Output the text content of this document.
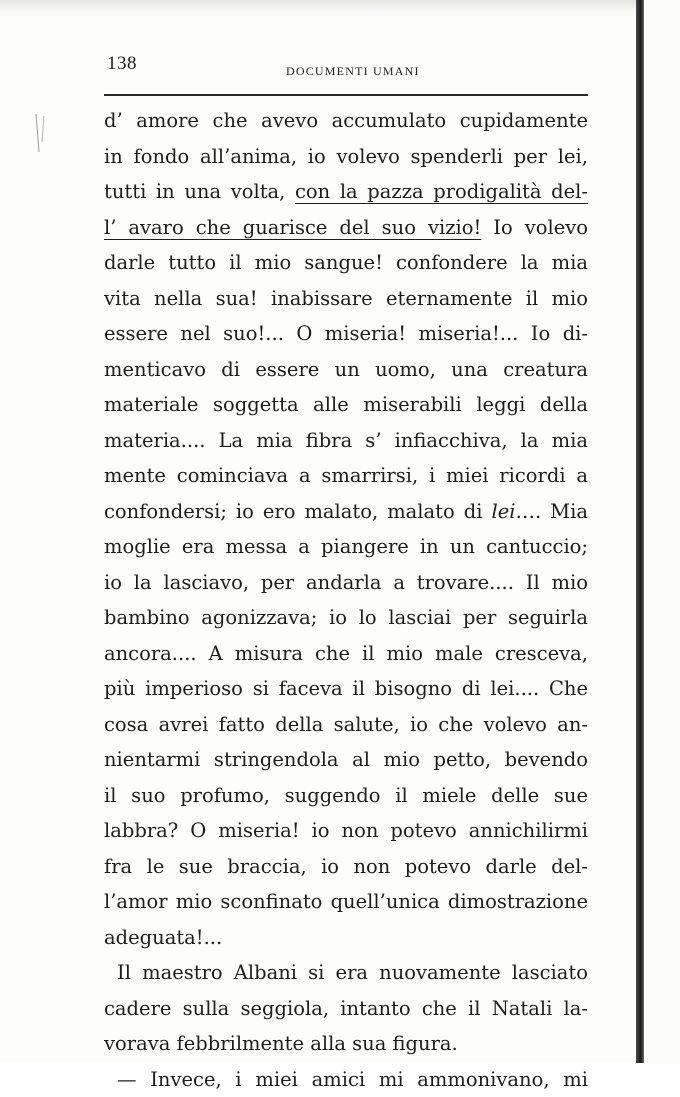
138	DOCUMENTI UMANI
d’ amore che avevo accumulato cupidamente
in fondo all’anima, io volevo spenderli per lei,
tutti in una volta, con la pazza prodigalità del-
l’ avaro che guarisce del suo vizio! Io volevo
darle tutto il mio sangue! confondere la mia
vita nella sua! inabissare eternamente il mio
essere nel suo!... O miseria! miseria!... Io di-
menticavo di essere un uomo, una creatura
materiale soggetta alle miserabili leggi della
materia.... La mia fibra s’ infiacchiva, la mia
mente cominciava a smarrirsi, i miei ricordi a
confondersi; io ero malato, malato di lei…. Mia
moglie era messa a piangere in un cantuccio;
io la lasciavo, per andarla a trovare.... Il mio
bambino agonizzava; io lo lasciai per seguirla
ancora.... A misura che il mio male cresceva,
più imperioso si faceva il bisogno di lei.... Che
cosa avrei fatto della salute, io che volevo an-
nientarmi stringendola al mio petto, bevendo
il suo profumo, suggendo il miele delle sue
labbra? O miseria! io non potevo annichilirmi
fra le sue braccia, io non potevo darle del-
l’amor mio sconfinato quell’unica dimostrazione
adeguata!...
Il maestro Albani si era nuovamente lasciato
cadere sulla seggiola, intanto che il Natali la-
vorava febbrilmente alla sua figura.
— Invece, i miei amici mi ammonivano, mi
